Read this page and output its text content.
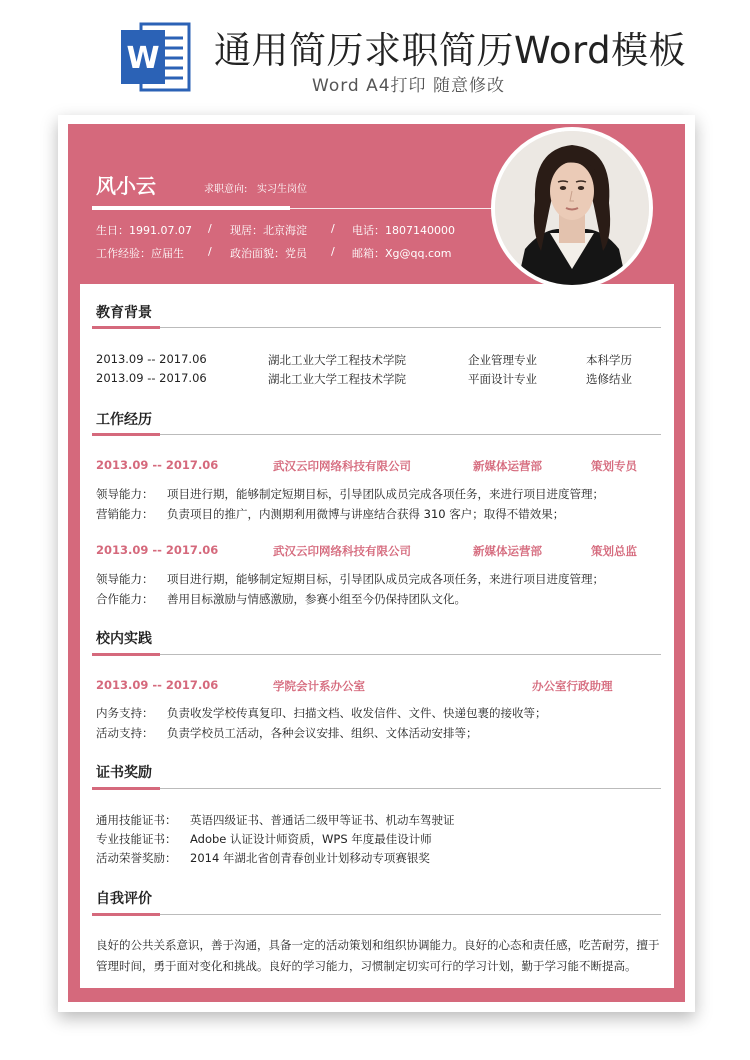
W 通用简历求职简历Word模板
Word A4打印 随意修改
风小云	求职意向: 实习生岗位
生日：1991.07.07 / 现居：北京海淀 / 电话：1807140000
工作经验：应届生 / 政治面貌：党员 / 邮箱：Xg@qq.com
教育背景
2013.09 -- 2017.06	湖北工业大学工程技术学院	企业管理专业	本科学历
2013.09 -- 2017.06	湖北工业大学工程技术学院	平面设计专业	选修结业
工作经历
2013.09 -- 2017.06	武汉云印网络科技有限公司	新媒体运营部	策划专员
领导能力： 项目进行期，能够制定短期目标，引导团队成员完成各项任务，来进行项目进度管理；
营销能力： 负责项目的推广，内测期利用微博与讲座结合获得 310 客户；取得不错效果；
2013.09 -- 2017.06	武汉云印网络科技有限公司	新媒体运营部	策划总监
领导能力： 项目进行期，能够制定短期目标，引导团队成员完成各项任务，来进行项目进度管理；
合作能力： 善用目标激励与情感激励，参赛小组至今仍保持团队文化。
校内实践
2013.09 -- 2017.06	学院会计系办公室	办公室行政助理
内务支持： 负责收发学校传真复印、扫描文档、收发信件、文件、快递包裹的接收等；
活动支持： 负责学校员工活动，各种会议安排、组织、文体活动安排等；
证书奖励
通用技能证书： 英语四级证书、普通话二级甲等证书、机动车驾驶证
专业技能证书： Adobe 认证设计师资质，WPS 年度最佳设计师
活动荣誉奖励： 2014 年湖北省创青春创业计划移动专项赛银奖
自我评价
良好的公共关系意识，善于沟通，具备一定的活动策划和组织协调能力。良好的心态和责任感，吃苦耐劳，擅于管理时间，勇于面对变化和挑战。良好的学习能力，习惯制定切实可行的学习计划，勤于学习能不断提高。
